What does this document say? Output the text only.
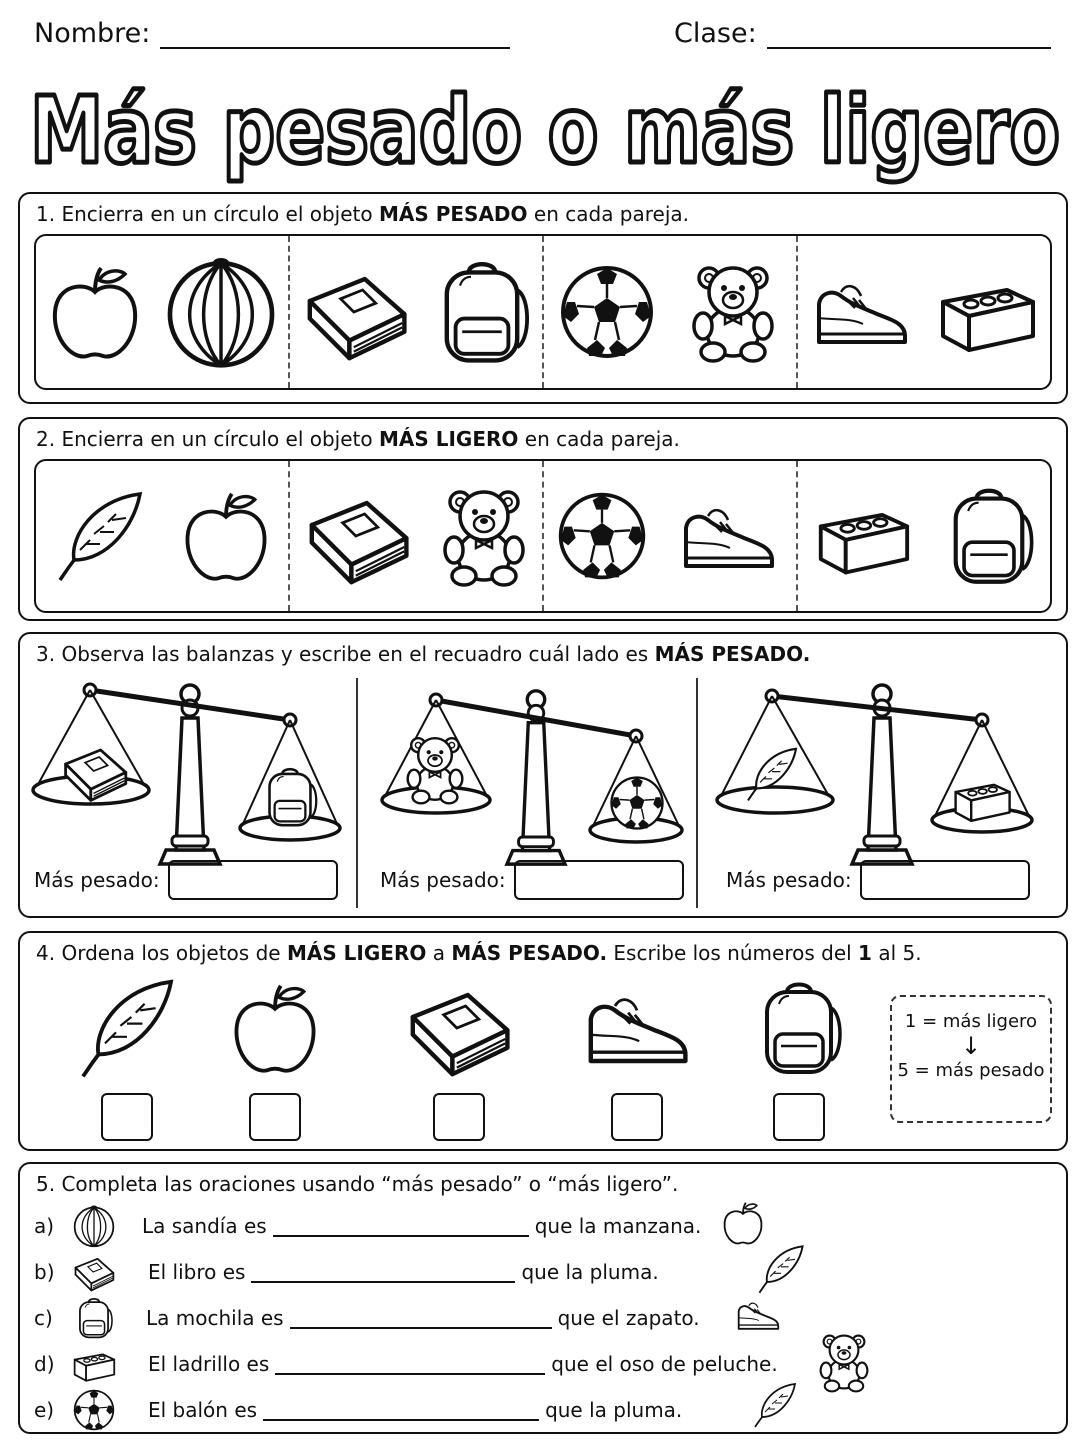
Nombre:	Clase:
Más pesado o más ligero
1. Encierra en un círculo el objeto MÁS PESADO en cada pareja.
2. Encierra en un círculo el objeto MÁS LIGERO en cada pareja.
3. Observa las balanzas y escribe en el recuadro cuál lado es MÁS PESADO.
Más pesado:	Más pesado:	Más pesado:
4. Ordena los objetos de MÁS LIGERO a MÁS PESADO. Escribe los números del 1 al 5.
1 = más ligero
↓
5 = más pesado
5. Completa las oraciones usando “más pesado” o “más ligero”.
a)	La sandía es	que la manzana.
b)	El libro es	que la pluma.
c)	La mochila es	que el zapato.
d)	El ladrillo es	que el oso de peluche.
e)	El balón es	que la pluma.
